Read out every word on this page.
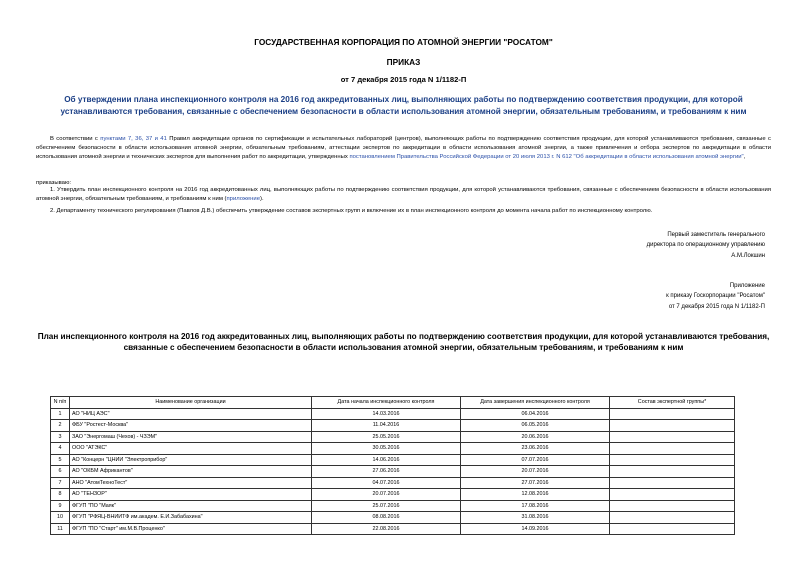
ГОСУДАРСТВЕННАЯ КОРПОРАЦИЯ ПО АТОМНОЙ ЭНЕРГИИ "РОСАТОМ"
ПРИКАЗ
от 7 декабря 2015 года N 1/1182-П
Об утверждении плана инспекционного контроля на 2016 год аккредитованных лиц, выполняющих работы по подтверждению соответствия продукции, для которой устанавливаются требования, связанные с обеспечением безопасности в области использования атомной энергии, обязательным требованиям, и требованиям к ним
В соответствии с пунктами 7, 36, 37 и 41 Правил аккредитации органов по сертификации и испытательных лабораторий (центров), выполняющих работы по подтверждению соответствия продукции, для которой устанавливаются требования, связанные с обеспечением безопасности в области использования атомной энергии, обязательным требованиям, аттестации экспертов по аккредитации в области использования атомной энергии, а также привлечения и отбора экспертов по аккредитации в области использования атомной энергии и технических экспертов для выполнения работ по аккредитации, утвержденных постановлением Правительства Российской Федерации от 20 июля 2013 г. N 612 "Об аккредитации в области использования атомной энергии",
приказываю:
1. Утвердить план инспекционного контроля на 2016 год аккредитованных лиц, выполняющих работы по подтверждению соответствия продукции, для которой устанавливаются требования, связанные с обеспечением безопасности в области использования атомной энергии, обязательным требованиям, и требованиям к ним (приложение).
2. Департаменту технического регулирования (Павлов Д.В.) обеспечить утверждение составов экспертных групп и включение их в план инспекционного контроля до момента начала работ по инспекционному контролю.
Первый заместитель генерального
директора по операционному управлению
А.М.Локшин
Приложение
к приказу Госкорпорации "Росатом"
от 7 декабря 2015 года N 1/1182-П
План инспекционного контроля на 2016 год аккредитованных лиц, выполняющих работы по подтверждению соответствия продукции, для которой устанавливаются требования, связанные с обеспечением безопасности в области использования атомной энергии, обязательным требованиям, и требованиям к ним
N п/п	Наименование организации	Дата начала инспекционного контроля	Дата завершения инспекционного контроля	Состав экспертной группы*
1	АО "НИЦ АЭС"	14.03.2016	06.04.2016	
2	ФБУ "Ростест-Москва"	11.04.2016	06.05.2016	
3	ЗАО "Энергомаш (Чехов) - ЧЗЭМ"	25.05.2016	20.06.2016	
4	ООО "АТЭКС"	30.05.2016	23.06.2016	
5	АО "Концерн "ЦНИИ "Электроприбор"	14.06.2016	07.07.2016	
6	АО "ОКБМ Африкантов"	27.06.2016	20.07.2016	
7	АНО "АтомТехноТест"	04.07.2016	27.07.2016	
8	АО "ТЕНЗОР"	20.07.2016	12.08.2016	
9	ФГУП "ПО "Маяк"	25.07.2016	17.08.2016	
10	ФГУП "РФЯЦ-ВНИИТФ им.академ. Е.И.Забабахина"	08.08.2016	31.08.2016	
11	ФГУП "ПО "Старт" им.М.В.Проценко"	22.08.2016	14.09.2016	
